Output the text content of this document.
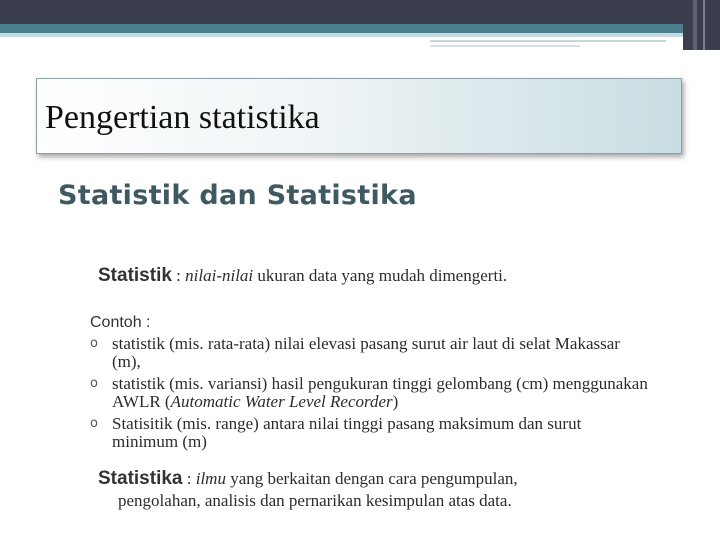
Pengertian statistika
Statistik dan Statistika
Statistik : nilai-nilai ukuran data yang mudah dimengerti.
Contoh :
o statistik (mis. rata-rata) nilai elevasi pasang surut air laut di selat Makassar (m),
o statistik (mis. variansi) hasil pengukuran tinggi gelombang (cm) menggunakan AWLR (Automatic Water Level Recorder)
o Statisitik (mis. range) antara nilai tinggi pasang maksimum dan surut minimum (m)
Statistika : ilmu yang berkaitan dengan cara pengumpulan,
pengolahan, analisis dan pernarikan kesimpulan atas data.
